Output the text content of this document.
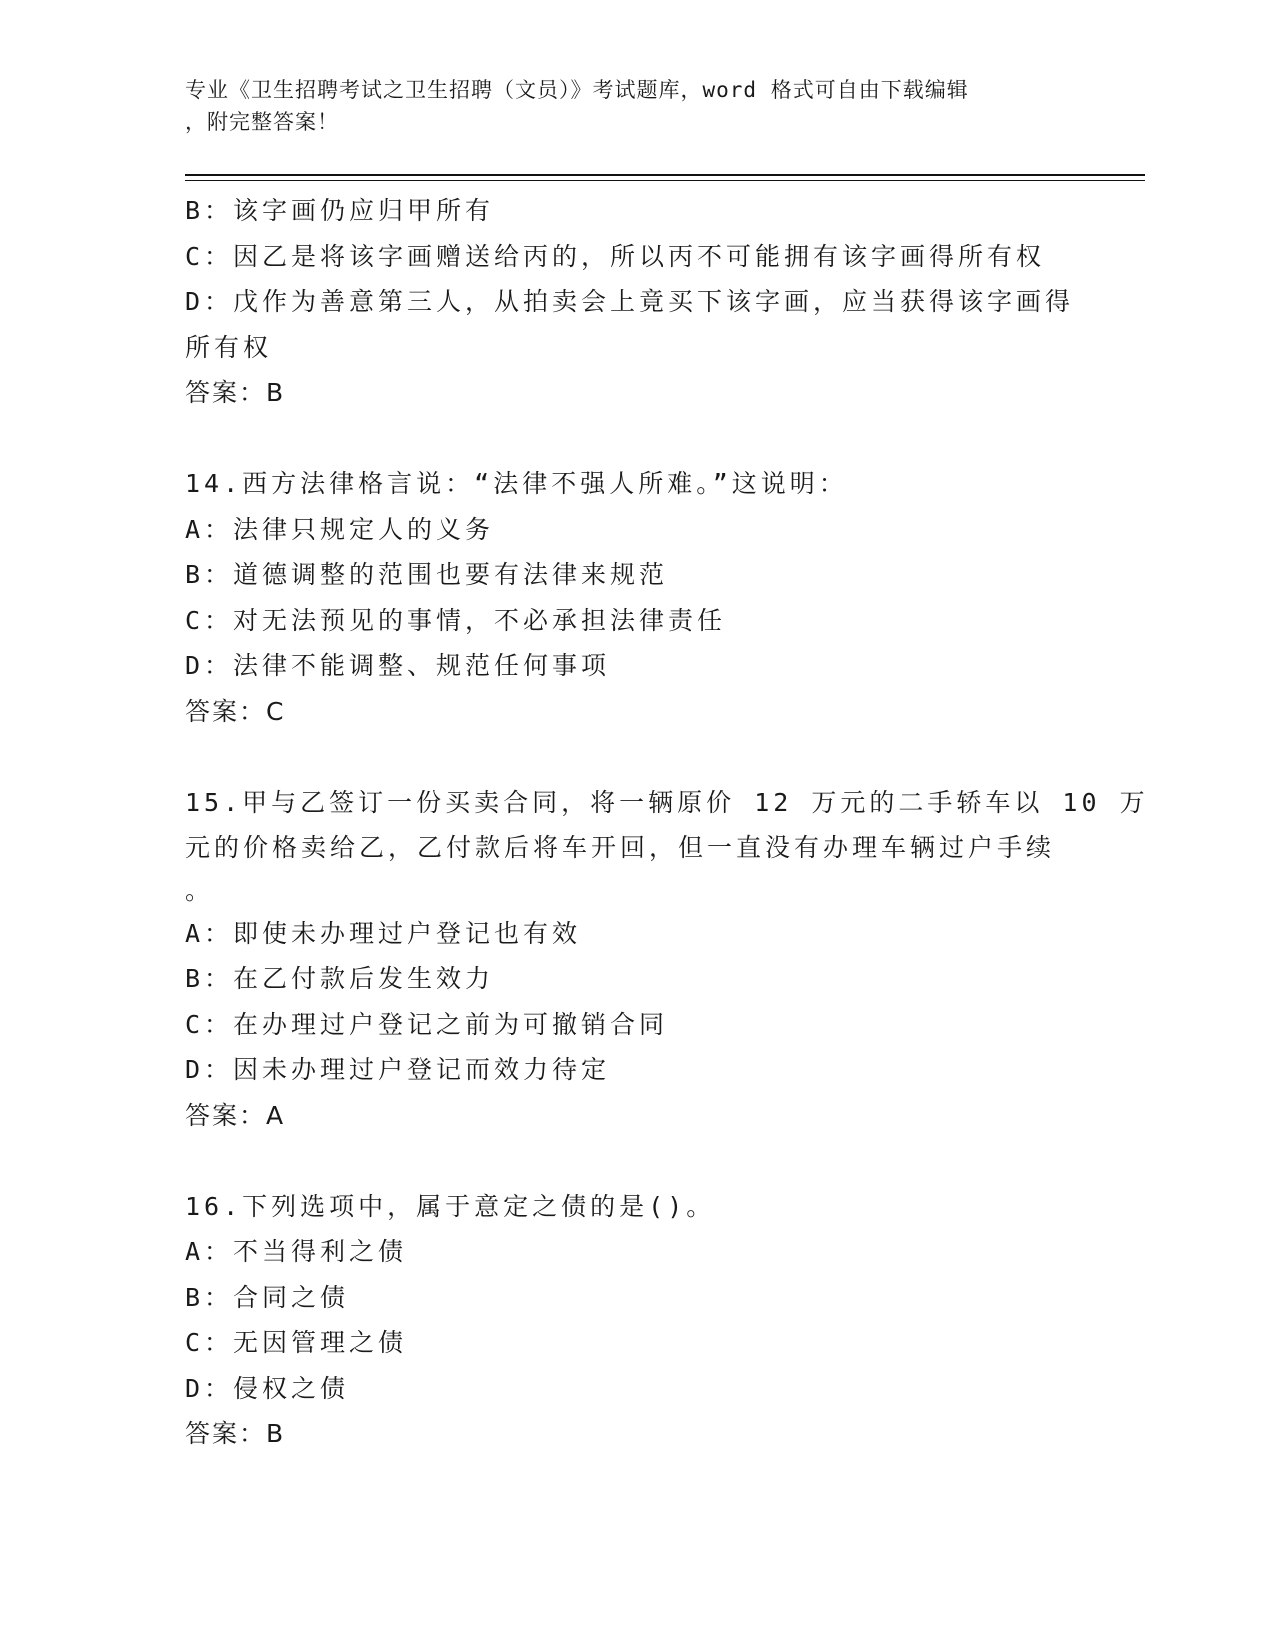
专业《卫生招聘考试之卫生招聘（文员）》考试题库，word 格式可自由下载编辑
，附完整答案！
B：该字画仍应归甲所有
C：因乙是将该字画赠送给丙的，所以丙不可能拥有该字画得所有权
D：戊作为善意第三人，从拍卖会上竟买下该字画，应当获得该字画得
所有权
答案：B
14.西方法律格言说：“法律不强人所难。”这说明：
A：法律只规定人的义务
B：道德调整的范围也要有法律来规范
C：对无法预见的事情，不必承担法律责任
D：法律不能调整、规范任何事项
答案：C
15.甲与乙签订一份买卖合同，将一辆原价 12 万元的二手轿车以 10 万
元的价格卖给乙，乙付款后将车开回，但一直没有办理车辆过户手续
。
A：即使未办理过户登记也有效
B：在乙付款后发生效力
C：在办理过户登记之前为可撤销合同
D：因未办理过户登记而效力待定
答案：A
16.下列选项中，属于意定之债的是()。
A：不当得利之债
B：合同之债
C：无因管理之债
D：侵权之债
答案：B
